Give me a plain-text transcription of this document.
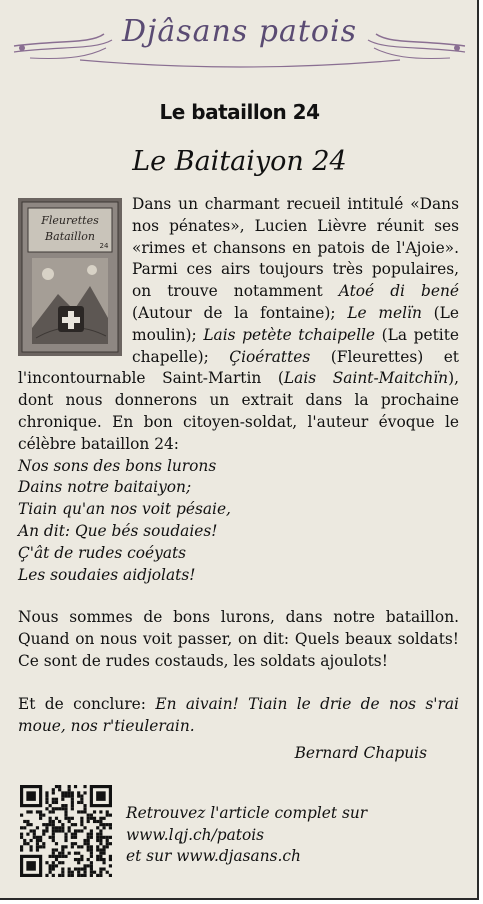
Djâsans patois
Le bataillon 24
Le Baitaiyon 24
Fleurettes
Bataillon
24

Dans un charmant recueil intitulé «Dans nos pénates», Lucien Lièvre réunit ses «rimes et chansons en patois de l'Ajoie». Parmi ces airs toujours très populaires, on trouve notamment Atoé di bené (Autour de la fontaine); Le melïn (Le moulin); Lais petète tchaipelle (La petite chapelle); Çioérattes (Fleurettes) et l'incontournable Saint-Martin (Lais Saint-Maitchïn), dont nous donnerons un extrait dans la prochaine chronique. En bon citoyen-soldat, l'auteur évoque le célèbre bataillon 24:

Nos sons des bons lurons
Dains notre baitaiyon;
Tiain qu'an nos voit pésaie,
An dit: Que bés soudaies!
Ç'ât de rudes coéyats
Les soudaies aidjolats!

Nous sommes de bons lurons, dans notre bataillon. Quand on nous voit passer, on dit: Quels beaux soldats! Ce sont de rudes costauds, les soldats ajoulots!

Et de conclure: En aivain! Tiain le drie de nos s'rai moue, nos r'tieulerain.

Bernard Chapuis
Retrouvez l'article complet sur
www.lqj.ch/patois
et sur www.djasans.ch
